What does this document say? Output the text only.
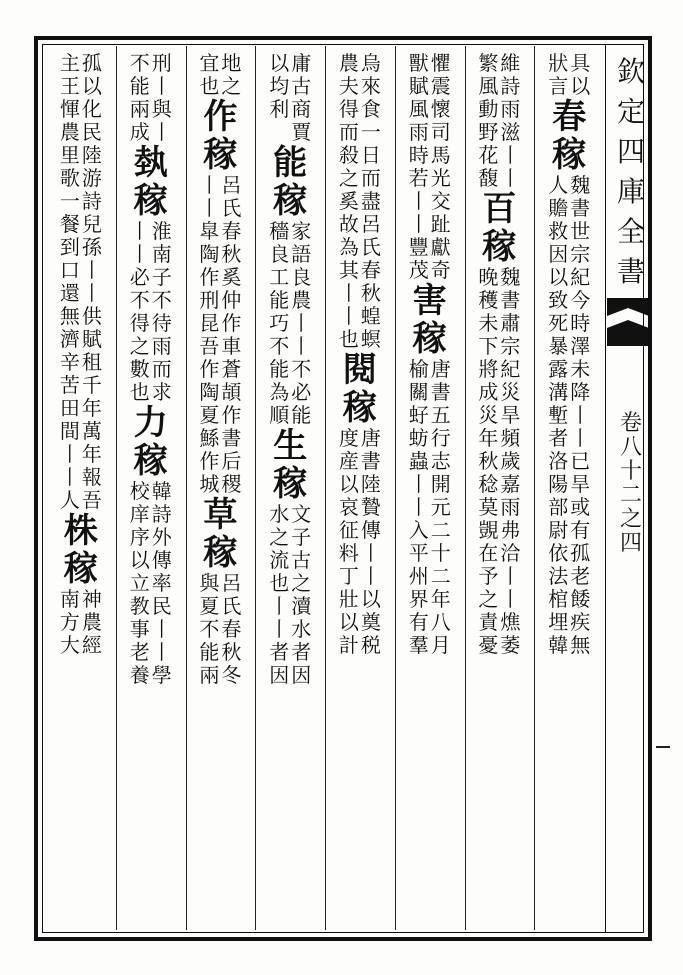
欽
定
四
庫
全
書
卷
八
十
二
之
四
具
以
狀
言
春
稼
魏
書
世
宗
紀
今
時
澤
未
降
丨
丨
已
旱
或
有
孤
老
餧
疾
無
人
贍
救
因
以
致
死
暴
露
溝
塹
者
洛
陽
部
尉
依
法
棺
埋
韓
維
詩
雨
滋
丨
丨
繁
風
動
野
花
馥
百
稼
魏
書
肅
宗
紀
災
旱
頻
歲
嘉
雨
弗
洽
丨
丨
燋
萎
晚
穫
未
下
將
成
災
年
秋
稔
莫
覬
在
予
之
責
憂
懼
震
懷
司
馬
光
交
趾
獻
奇
獸
賦
風
雨
時
若
丨
丨
豐
茂
害
稼
唐
書
五
行
志
開
元
二
十
二
年
八
月
榆
關
虸
蚄
蟲
丨
丨
入
平
州
界
有
羣
烏
來
食
一
日
而
盡
呂
氏
春
秋
蝗
螟
農
夫
得
而
殺
之
奚
故
為
其
丨
丨
也
閱
稼
唐
書
陸
贄
傳
丨
丨
以
奠
税
度
産
以
哀
征
料
丁
壯
以
計
庸
古
商
賈
以
均
利
能
稼
家
語
良
農
丨
丨
不
必
能
穡
良
工
能
巧
不
能
為
順
生
稼
文
子
古
之
瀆
水
者
因
水
之
流
也
丨
丨
者
因
地
之
宜
也
作
稼
呂
氏
春
秋
奚
仲
作
車
蒼
頡
作
書
后
稷
丨
丨
皐
陶
作
刑
昆
吾
作
陶
夏
鯀
作
城
草
稼
呂
氏
春
秋
冬
與
夏
不
能
兩
刑
丨
與
丨
不
能
兩
成
埶
稼
淮
南
子
不
待
雨
而
求
丨
丨
必
不
得
之
數
也
力
稼
韓
詩
外
傳
率
民
丨
丨
學
校
庠
序
以
立
教
事
老
養
孤
以
化
民
陸
游
詩
兒
孫
丨
丨
供
賦
租
千
年
萬
年
報
吾
主
王
惲
農
里
歌
一
餐
到
口
還
無
濟
辛
苦
田
間
丨
丨
人
株
稼
神
農
經
南
方
大
